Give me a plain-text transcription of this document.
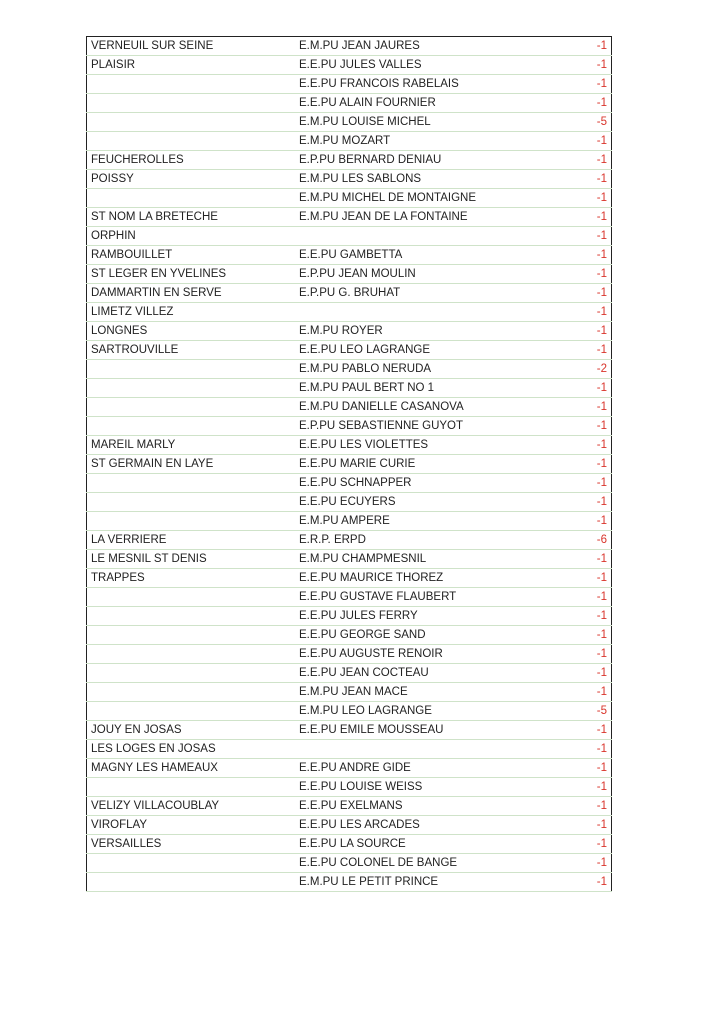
VERNEUIL SUR SEINE	E.M.PU JEAN JAURES	-1
PLAISIR	E.E.PU JULES VALLES	-1
	E.E.PU FRANCOIS RABELAIS	-1
	E.E.PU ALAIN FOURNIER	-1
	E.M.PU LOUISE MICHEL	-5
	E.M.PU MOZART	-1
FEUCHEROLLES	E.P.PU BERNARD DENIAU	-1
POISSY	E.M.PU LES SABLONS	-1
	E.M.PU MICHEL DE MONTAIGNE	-1
ST NOM LA BRETECHE	E.M.PU JEAN DE LA FONTAINE	-1
ORPHIN		-1
RAMBOUILLET	E.E.PU GAMBETTA	-1
ST LEGER EN YVELINES	E.P.PU JEAN MOULIN	-1
DAMMARTIN EN SERVE	E.P.PU G. BRUHAT	-1
LIMETZ VILLEZ		-1
LONGNES	E.M.PU ROYER	-1
SARTROUVILLE	E.E.PU LEO LAGRANGE	-1
	E.M.PU PABLO NERUDA	-2
	E.M.PU PAUL BERT NO 1	-1
	E.M.PU DANIELLE CASANOVA	-1
	E.P.PU SEBASTIENNE GUYOT	-1
MAREIL MARLY	E.E.PU LES VIOLETTES	-1
ST GERMAIN EN LAYE	E.E.PU MARIE CURIE	-1
	E.E.PU SCHNAPPER	-1
	E.E.PU ECUYERS	-1
	E.M.PU AMPERE	-1
LA VERRIERE	E.R.P. ERPD	-6
LE MESNIL ST DENIS	E.M.PU CHAMPMESNIL	-1
TRAPPES	E.E.PU MAURICE THOREZ	-1
	E.E.PU GUSTAVE FLAUBERT	-1
	E.E.PU JULES FERRY	-1
	E.E.PU GEORGE SAND	-1
	E.E.PU AUGUSTE RENOIR	-1
	E.E.PU JEAN COCTEAU	-1
	E.M.PU JEAN MACE	-1
	E.M.PU LEO LAGRANGE	-5
JOUY EN JOSAS	E.E.PU EMILE MOUSSEAU	-1
LES LOGES EN JOSAS		-1
MAGNY LES HAMEAUX	E.E.PU ANDRE GIDE	-1
	E.E.PU LOUISE WEISS	-1
VELIZY VILLACOUBLAY	E.E.PU EXELMANS	-1
VIROFLAY	E.E.PU LES ARCADES	-1
VERSAILLES	E.E.PU LA SOURCE	-1
	E.E.PU COLONEL DE BANGE	-1
	E.M.PU LE PETIT PRINCE	-1
